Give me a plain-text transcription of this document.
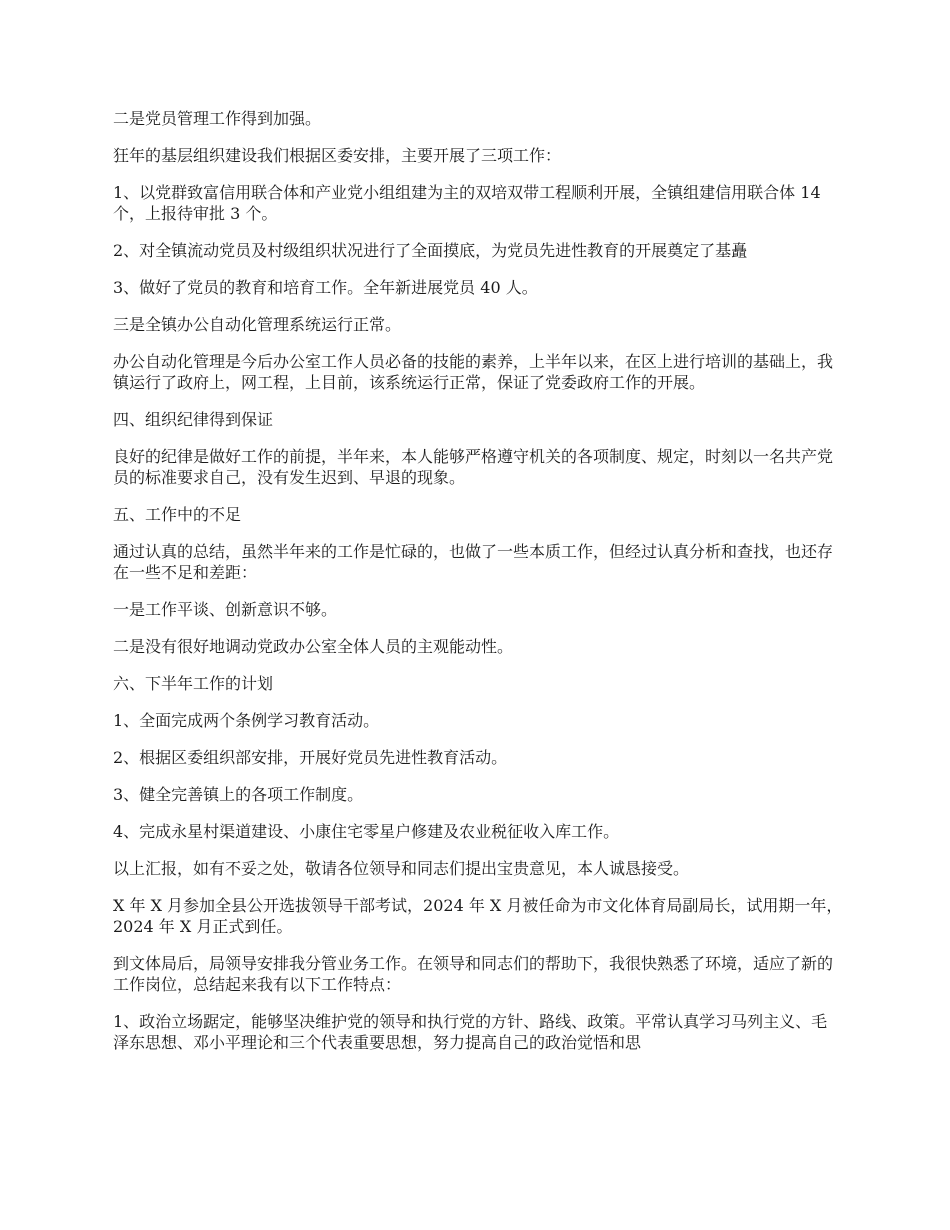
二是党员管理工作得到加强。

狂年的基层组织建设我们根据区委安排，主要开展了三项工作：

1、以党群致富信用联合体和产业党小组组建为主的双培双带工程顺利开展，全镇组建信用联合体 14 个，上报待审批 3 个。

2、对全镇流动党员及村级组织状况进行了全面摸底，为党员先进性教育的开展奠定了基矗

3、做好了党员的教育和培育工作。全年新进展党员 40 人。

三是全镇办公自动化管理系统运行正常。

办公自动化管理是今后办公室工作人员必备的技能的素养，上半年以来，在区上进行培训的基础上，我镇运行了政府上，网工程，上目前，该系统运行正常，保证了党委政府工作的开展。

四、组织纪律得到保证

良好的纪律是做好工作的前提，半年来，本人能够严格遵守机关的各项制度、规定，时刻以一名共产党员的标准要求自己，没有发生迟到、早退的现象。

五、工作中的不足

通过认真的总结，虽然半年来的工作是忙碌的，也做了一些本质工作，但经过认真分析和查找，也还存在一些不足和差距：

一是工作平谈、创新意识不够。

二是没有很好地调动党政办公室全体人员的主观能动性。

六、下半年工作的计划

1、全面完成两个条例学习教育活动。

2、根据区委组织部安排，开展好党员先进性教育活动。

3、健全完善镇上的各项工作制度。

4、完成永星村渠道建设、小康住宅零星户修建及农业税征收入库工作。

以上汇报，如有不妥之处，敬请各位领导和同志们提出宝贵意见，本人诚恳接受。

X 年 X 月参加全县公开选拔领导干部考试，2024 年 X 月被任命为市文化体育局副局长，试用期一年，2024 年 X 月正式到任。

到文体局后，局领导安排我分管业务工作。在领导和同志们的帮助下，我很快熟悉了环境，适应了新的工作岗位，总结起来我有以下工作特点：

1、政治立场踞定，能够坚决维护党的领导和执行党的方针、路线、政策。平常认真学习马列主义、毛泽东思想、邓小平理论和三个代表重要思想，努力提高自己的政治觉悟和思
